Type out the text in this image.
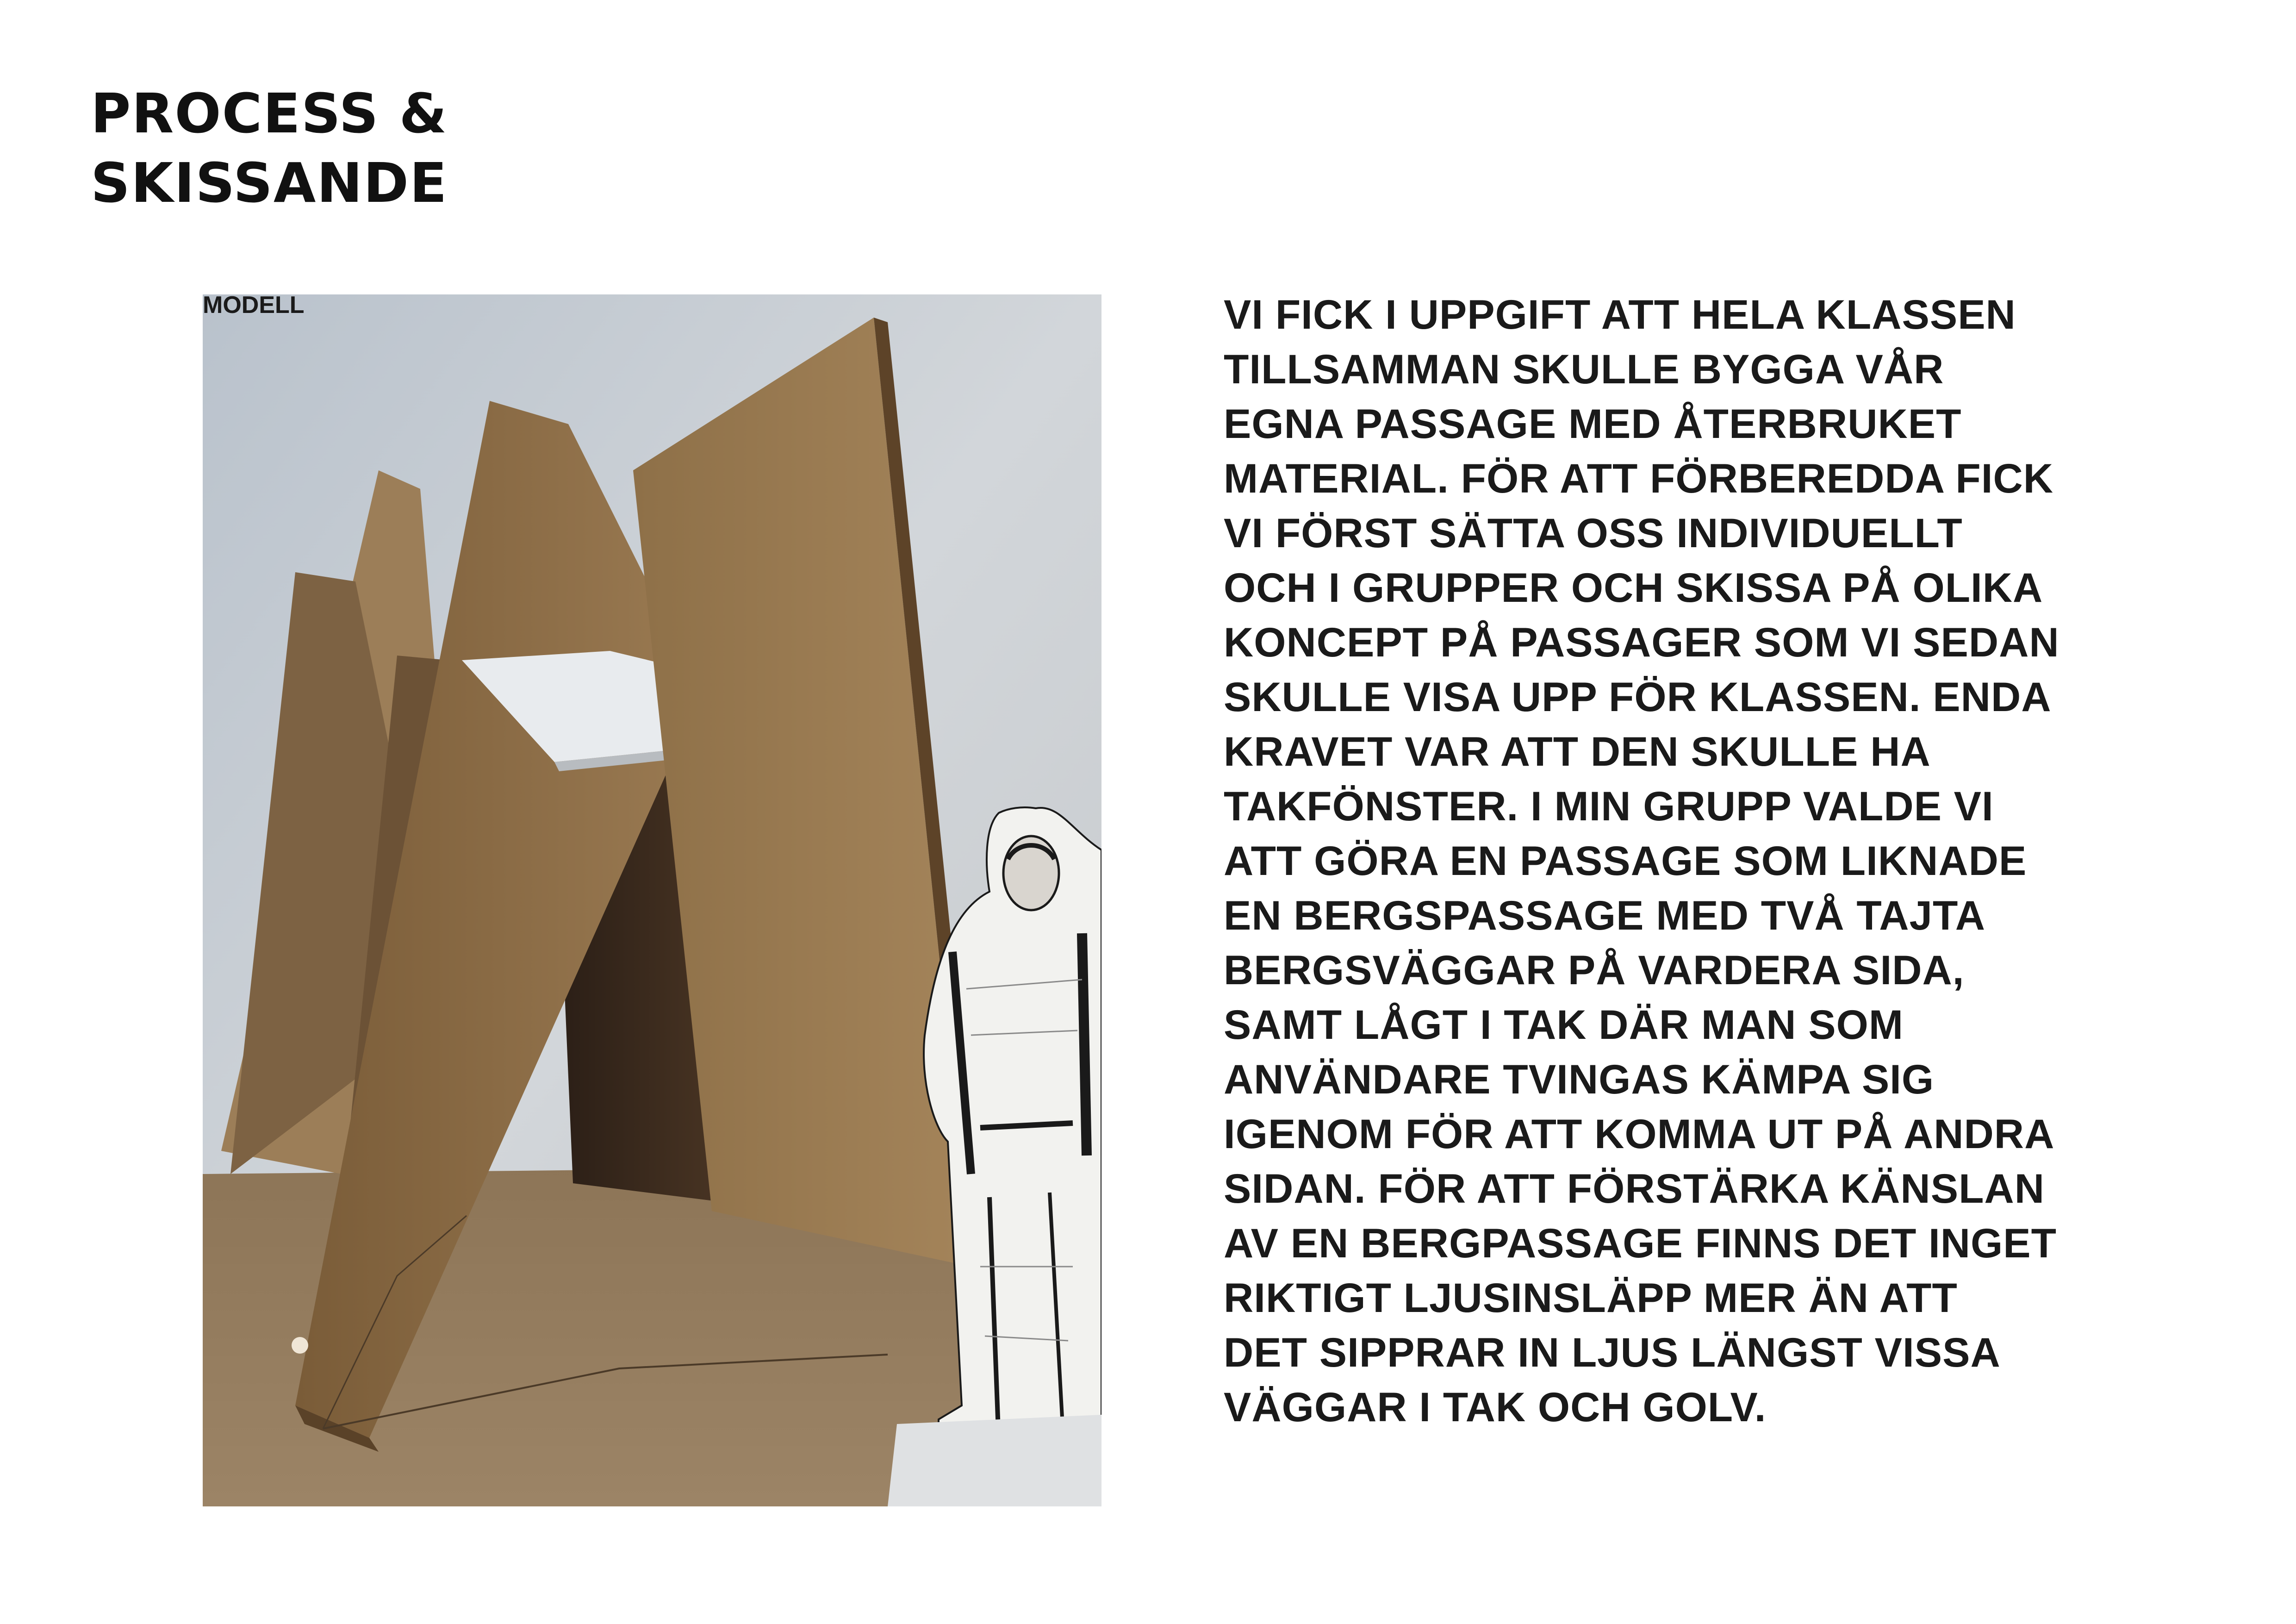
PROCESS &
SKISSANDE
MODELL	VI FICK I UPPGIFT ATT HELA KLASSEN
TILLSAMMAN SKULLE BYGGA VÅR
EGNA PASSAGE MED ÅTERBRUKET
MATERIAL. FÖR ATT FÖRBEREDDA FICK
VI FÖRST SÄTTA OSS INDIVIDUELLT
OCH I GRUPPER OCH SKISSA PÅ OLIKA
KONCEPT PÅ PASSAGER SOM VI SEDAN
SKULLE VISA UPP FÖR KLASSEN. ENDA
KRAVET VAR ATT DEN SKULLE HA
TAKFÖNSTER. I MIN GRUPP VALDE VI
ATT GÖRA EN PASSAGE SOM LIKNADE
EN BERGSPASSAGE MED TVÅ TAJTA
BERGSVÄGGAR PÅ VARDERA SIDA,
SAMT LÅGT I TAK DÄR MAN SOM
ANVÄNDARE TVINGAS KÄMPA SIG
IGENOM FÖR ATT KOMMA UT PÅ ANDRA
SIDAN. FÖR ATT FÖRSTÄRKA KÄNSLAN
AV EN BERGPASSAGE FINNS DET INGET
RIKTIGT LJUSINSLÄPP MER ÄN ATT
DET SIPPRAR IN LJUS LÄNGST VISSA
VÄGGAR I TAK OCH GOLV.
